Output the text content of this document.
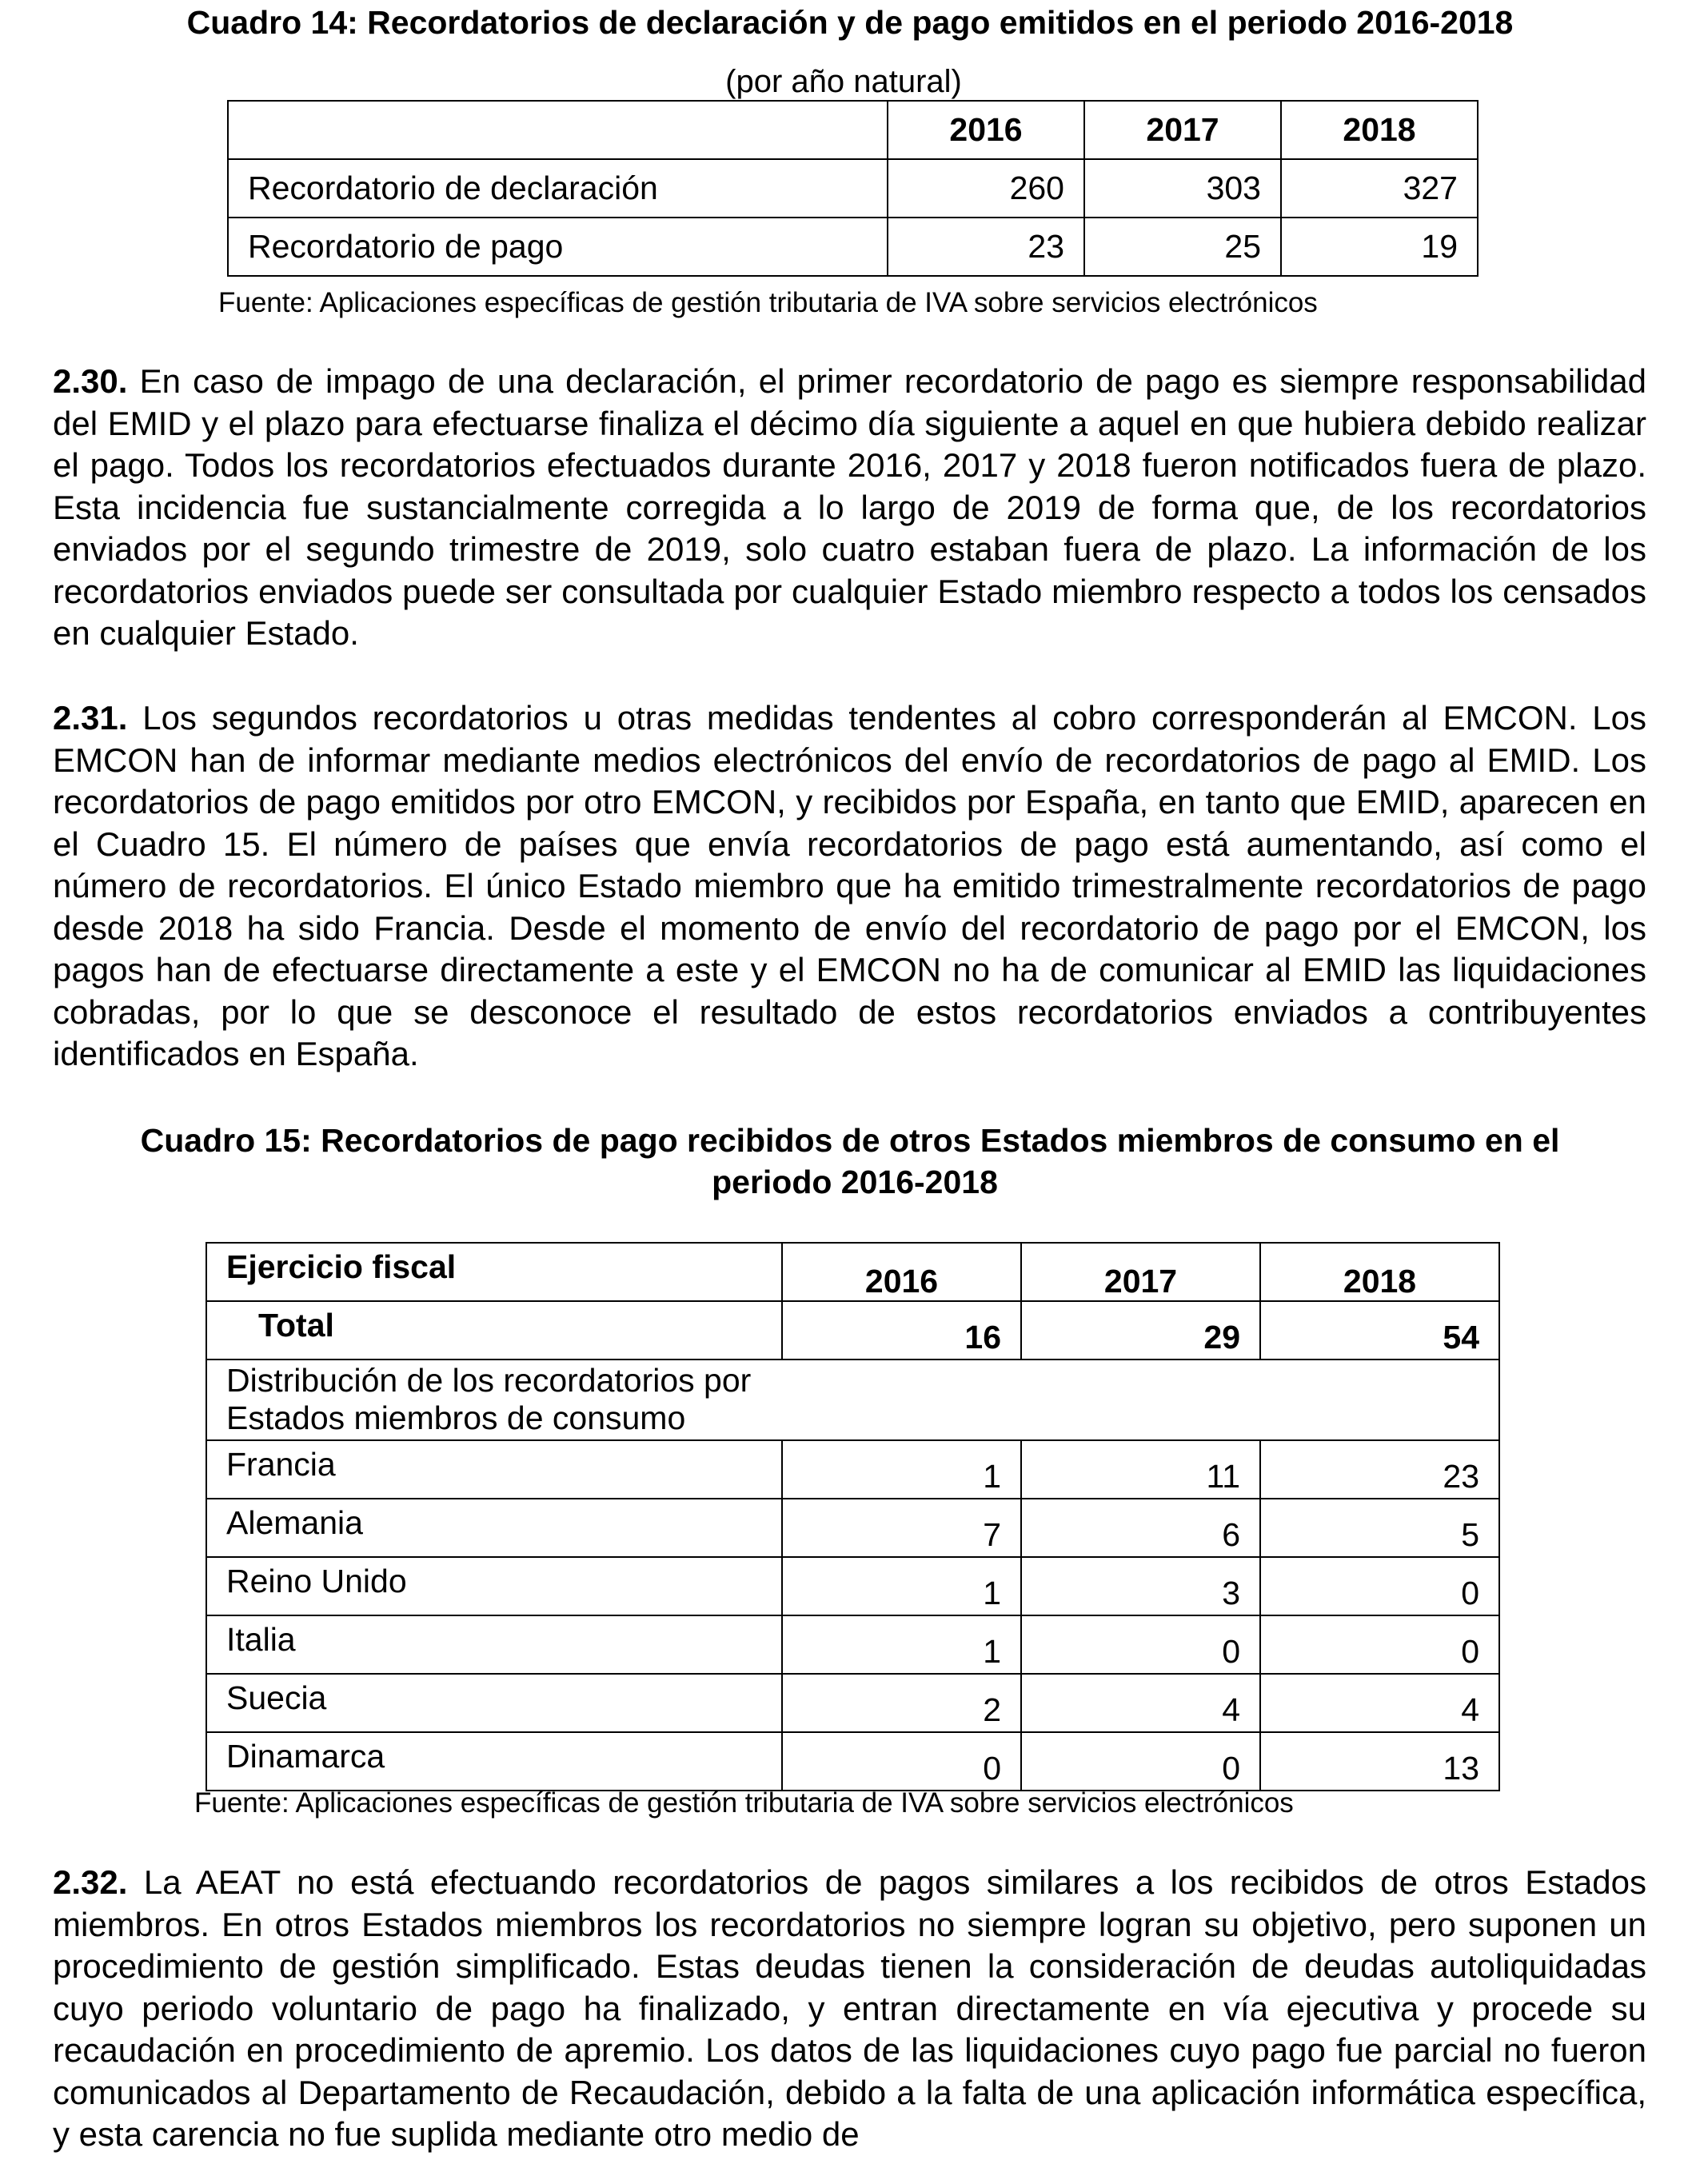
Cuadro 14: Recordatorios de declaración y de pago emitidos en el periodo 2016-2018
(por año natural)
	2016	2017	2018
Recordatorio de declaración	260	303	327
Recordatorio de pago	23	25	19
Fuente: Aplicaciones específicas de gestión tributaria de IVA sobre servicios electrónicos
2.30. En caso de impago de una declaración, el primer recordatorio de pago es siempre responsabilidad del EMID y el plazo para efectuarse finaliza el décimo día siguiente a aquel en que hubiera debido realizar el pago. Todos los recordatorios efectuados durante 2016, 2017 y 2018 fueron notificados fuera de plazo. Esta incidencia fue sustancialmente corregida a lo largo de 2019 de forma que, de los recordatorios enviados por el segundo trimestre de 2019, solo cuatro estaban fuera de plazo. La información de los recordatorios enviados puede ser consultada por cualquier Estado miembro respecto a todos los censados en cualquier Estado.
2.31. Los segundos recordatorios u otras medidas tendentes al cobro corresponderán al EMCON. Los EMCON han de informar mediante medios electrónicos del envío de recordatorios de pago al EMID. Los recordatorios de pago emitidos por otro EMCON, y recibidos por España, en tanto que EMID, aparecen en el Cuadro 15. El número de países que envía recordatorios de pago está aumentando, así como el número de recordatorios. El único Estado miembro que ha emitido trimestralmente recordatorios de pago desde 2018 ha sido Francia. Desde el momento de envío del recordatorio de pago por el EMCON, los pagos han de efectuarse directamente a este y el EMCON no ha de comunicar al EMID las liquidaciones cobradas, por lo que se desconoce el resultado de estos recordatorios enviados a contribuyentes identificados en España.
Cuadro 15: Recordatorios de pago recibidos de otros Estados miembros de consumo en el
periodo 2016-2018
Ejercicio fiscal	2016	2017	2018
Total	16	29	54
Distribución de los recordatorios por
Estados miembros de consumo			
Francia	1	11	23
Alemania	7	6	5
Reino Unido	1	3	0
Italia	1	0	0
Suecia	2	4	4
Dinamarca	0	0	13
Fuente: Aplicaciones específicas de gestión tributaria de IVA sobre servicios electrónicos
2.32. La AEAT no está efectuando recordatorios de pagos similares a los recibidos de otros Estados miembros. En otros Estados miembros los recordatorios no siempre logran su objetivo, pero suponen un procedimiento de gestión simplificado. Estas deudas tienen la consideración de deudas autoliquidadas cuyo periodo voluntario de pago ha finalizado, y entran directamente en vía ejecutiva y procede su recaudación en procedimiento de apremio. Los datos de las liquidaciones cuyo pago fue parcial no fueron comunicados al Departamento de Recaudación, debido a la falta de una aplicación informática específica, y esta carencia no fue suplida mediante otro medio de
